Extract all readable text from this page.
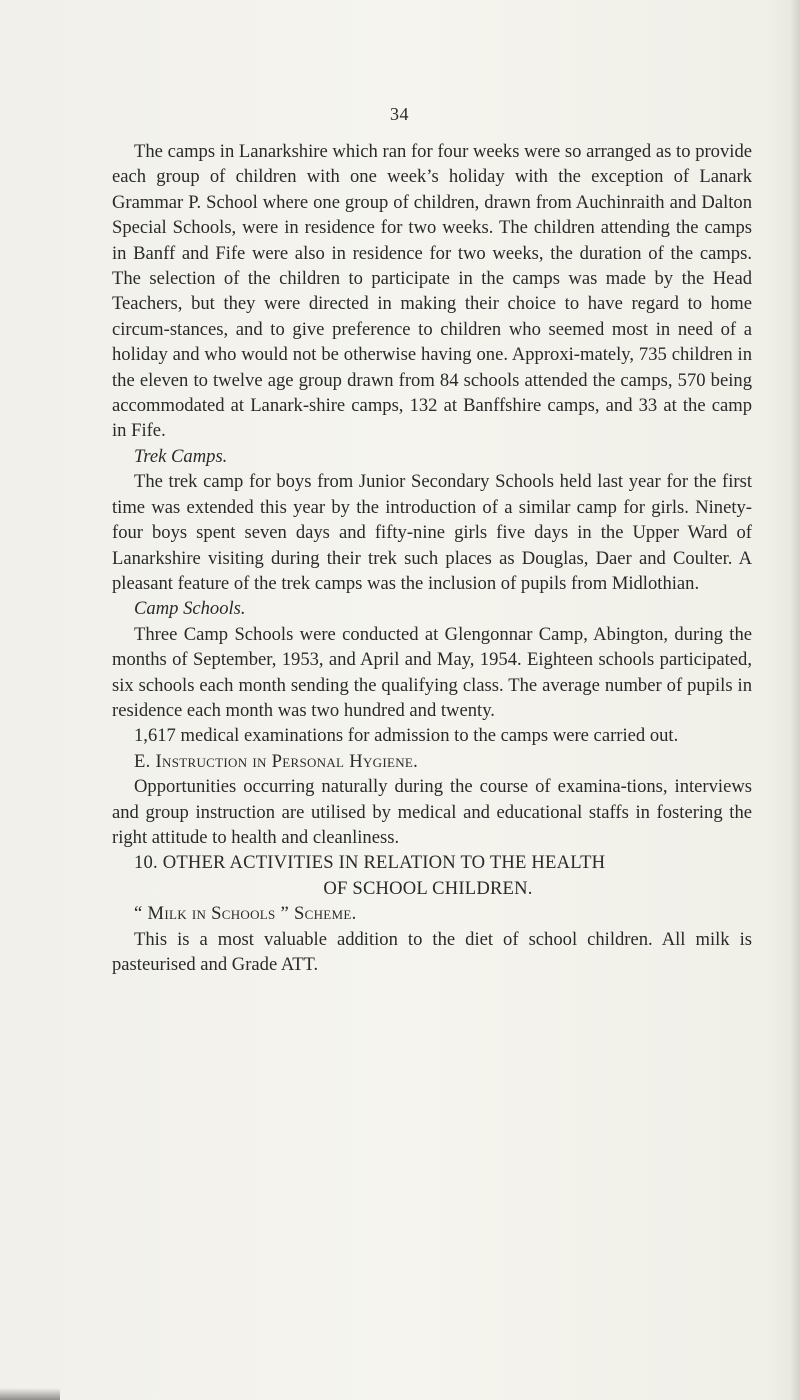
34

The camps in Lanarkshire which ran for four weeks were so arranged as to provide each group of children with one week’s holiday with the exception of Lanark Grammar P. School where one group of children, drawn from Auchinraith and Dalton Special Schools, were in residence for two weeks. The children attending the camps in Banff and Fife were also in residence for two weeks, the duration of the camps. The selection of the children to participate in the camps was made by the Head Teachers, but they were directed in making their choice to have regard to home circum-stances, and to give preference to children who seemed most in need of a holiday and who would not be otherwise having one. Approxi-mately, 735 children in the eleven to twelve age group drawn from 84 schools attended the camps, 570 being accommodated at Lanark-shire camps, 132 at Banffshire camps, and 33 at the camp in Fife.

Trek Camps.

The trek camp for boys from Junior Secondary Schools held last year for the first time was extended this year by the introduction of a similar camp for girls. Ninety-four boys spent seven days and fifty-nine girls five days in the Upper Ward of Lanarkshire visiting during their trek such places as Douglas, Daer and Coulter. A pleasant feature of the trek camps was the inclusion of pupils from Midlothian.

Camp Schools.

Three Camp Schools were conducted at Glengonnar Camp, Abington, during the months of September, 1953, and April and May, 1954. Eighteen schools participated, six schools each month sending the qualifying class. The average number of pupils in residence each month was two hundred and twenty.

1,617 medical examinations for admission to the camps were carried out.

E. Instruction in Personal Hygiene.

Opportunities occurring naturally during the course of examina-tions, interviews and group instruction are utilised by medical and educational staffs in fostering the right attitude to health and cleanliness.

10. OTHER ACTIVITIES IN RELATION TO THE HEALTH
OF SCHOOL CHILDREN.

“ Milk in Schools ” Scheme.

This is a most valuable addition to the diet of school children. All milk is pasteurised and Grade ATT.
